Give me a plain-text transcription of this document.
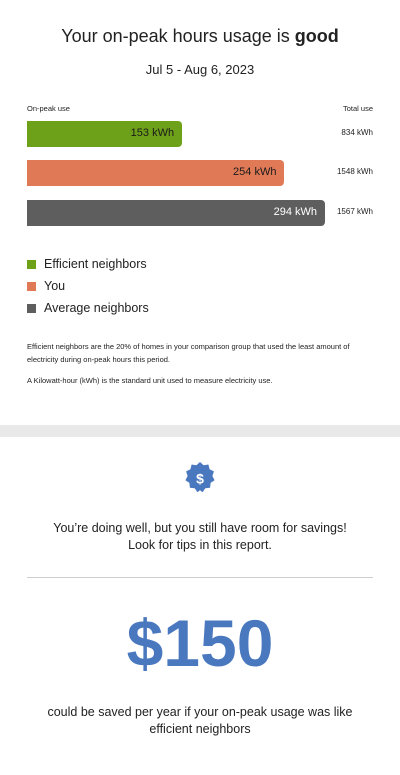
Your on-peak hours usage is good
Jul 5 - Aug 6, 2023
On-peak use	Total use
153 kWh	834 kWh
254 kWh	1548 kWh
294 kWh 1567 kWh
Efficient neighbors
You
Average neighbors

Efficient neighbors are the 20% of homes in your comparison group that used the least amount of electricity during on-peak hours this period.

A Kilowatt-hour (kWh) is the standard unit used to measure electricity use.

$
You’re doing well, but you still have room for savings!
Look for tips in this report.
$150
could be saved per year if your on-peak usage was like
efficient neighbors
